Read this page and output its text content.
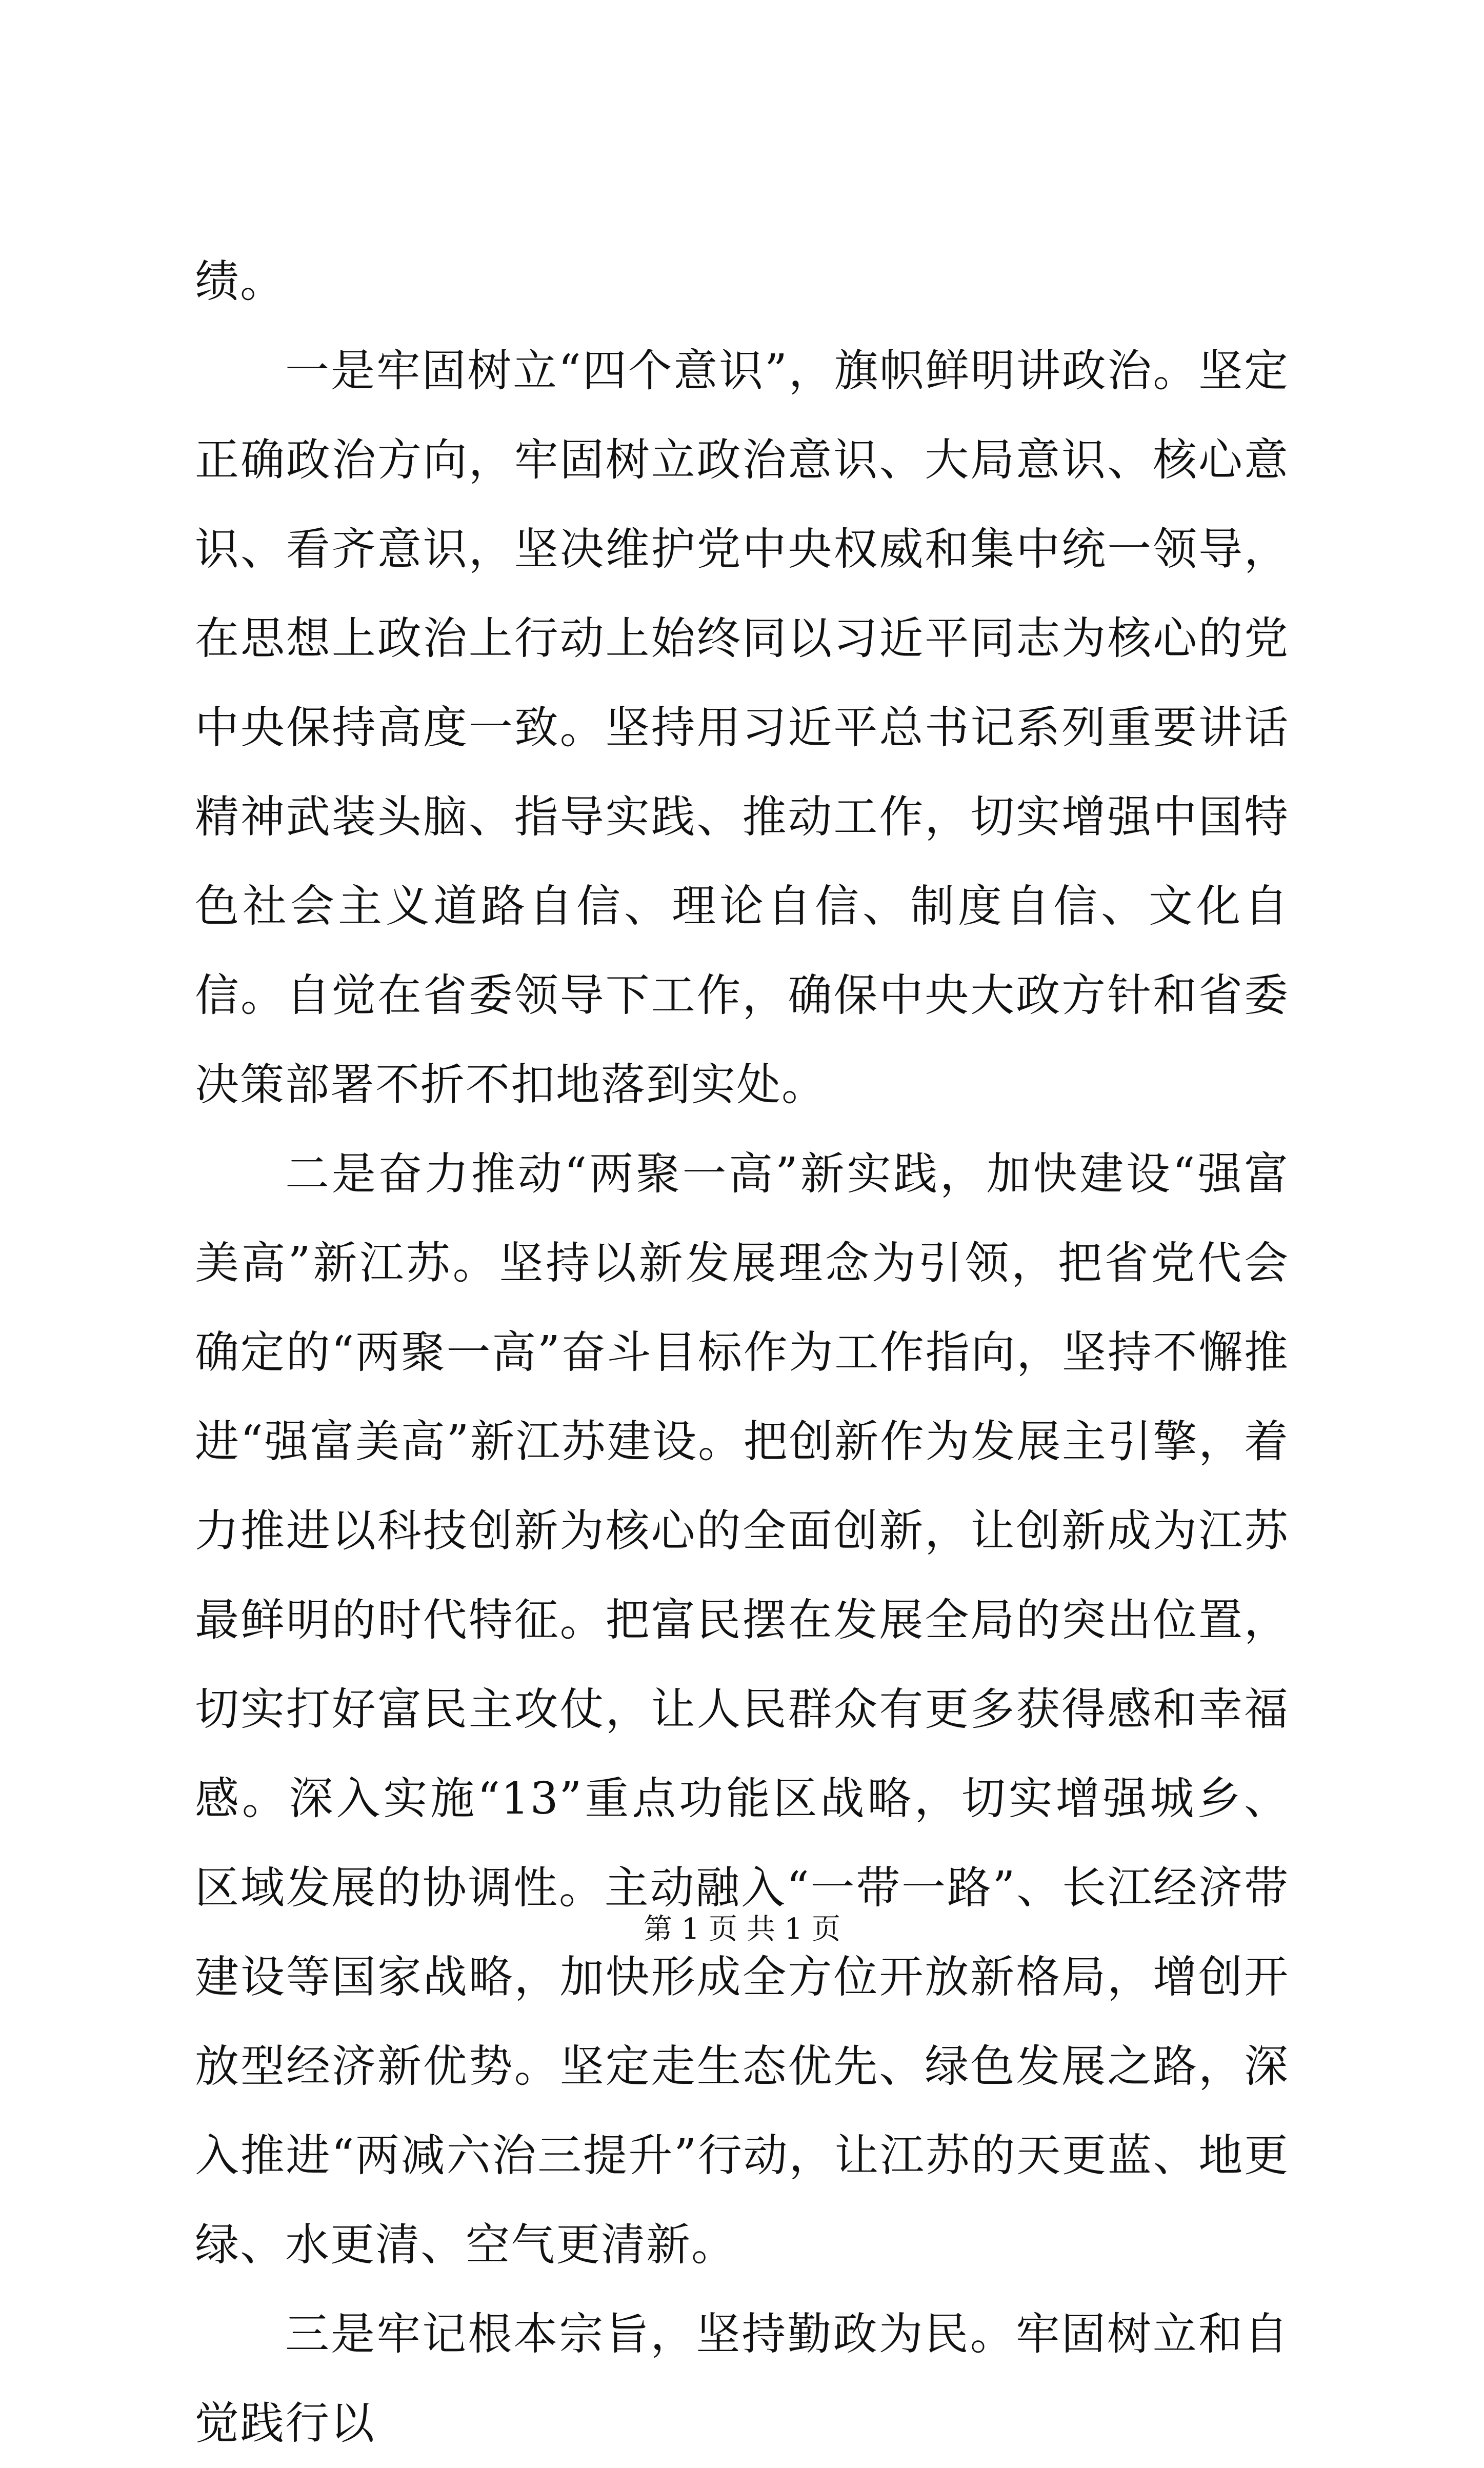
绩。

一是牢固树立“四个意识”，旗帜鲜明讲政治。坚定正确政治方向，牢固树立政治意识、大局意识、核心意识、看齐意识，坚决维护党中央权威和集中统一领导，在思想上政治上行动上始终同以习近平同志为核心的党中央保持高度一致。坚持用习近平总书记系列重要讲话精神武装头脑、指导实践、推动工作，切实增强中国特色社会主义道路自信、理论自信、制度自信、文化自信。自觉在省委领导下工作，确保中央大政方针和省委决策部署不折不扣地落到实处。

二是奋力推动“两聚一高”新实践，加快建设“强富美高”新江苏。坚持以新发展理念为引领，把省党代会确定的“两聚一高”奋斗目标作为工作指向，坚持不懈推进“强富美高”新江苏建设。把创新作为发展主引擎，着力推进以科技创新为核心的全面创新，让创新成为江苏最鲜明的时代特征。把富民摆在发展全局的突出位置，切实打好富民主攻仗，让人民群众有更多获得感和幸福感。深入实施“13”重点功能区战略，切实增强城乡、区域发展的协调性。主动融入“一带一路”、长江经济带建设等国家战略，加快形成全方位开放新格局，增创开放型经济新优势。坚定走生态优先、绿色发展之路，深入推进“两减六治三提升”行动，让江苏的天更蓝、地更绿、水更清、空气更清新。

三是牢记根本宗旨，坚持勤政为民。牢固树立和自觉践行以

第 1 页 共 1 页
